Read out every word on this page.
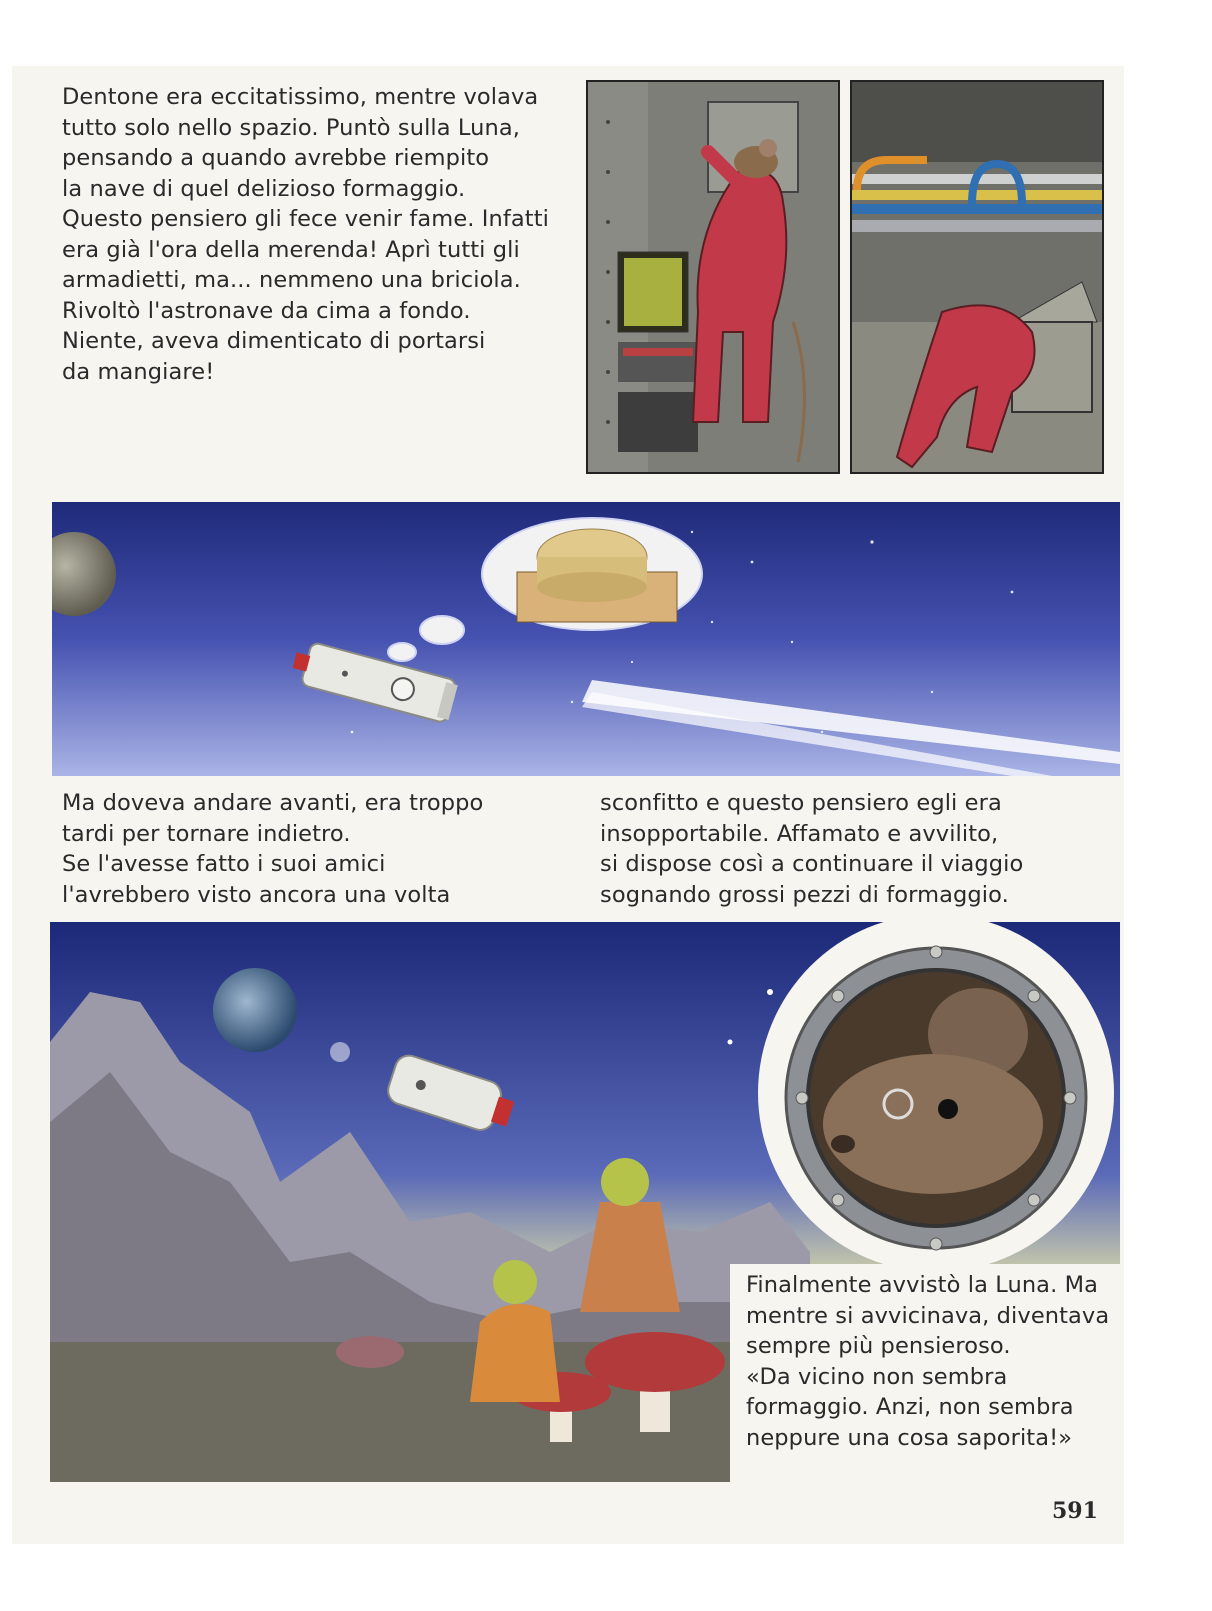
Dentone era eccitatissimo, mentre volava
tutto solo nello spazio. Puntò sulla Luna,
pensando a quando avrebbe riempito
la nave di quel delizioso formaggio.
Questo pensiero gli fece venir fame. Infatti
era già l'ora della merenda! Aprì tutti gli
armadietti, ma... nemmeno una briciola.
Rivoltò l'astronave da cima a fondo.
Niente, aveva dimenticato di portarsi
da mangiare!
Ma doveva andare avanti, era troppo
tardi per tornare indietro.
Se l'avesse fatto i suoi amici
l'avrebbero visto ancora una volta
sconfitto e questo pensiero egli era
insopportabile. Affamato e avvilito,
si dispose così a continuare il viaggio
sognando grossi pezzi di formaggio.
Finalmente avvistò la Luna. Ma
mentre si avvicinava, diventava
sempre più pensieroso.
«Da vicino non sembra
formaggio. Anzi, non sembra
neppure una cosa saporita!»
591
